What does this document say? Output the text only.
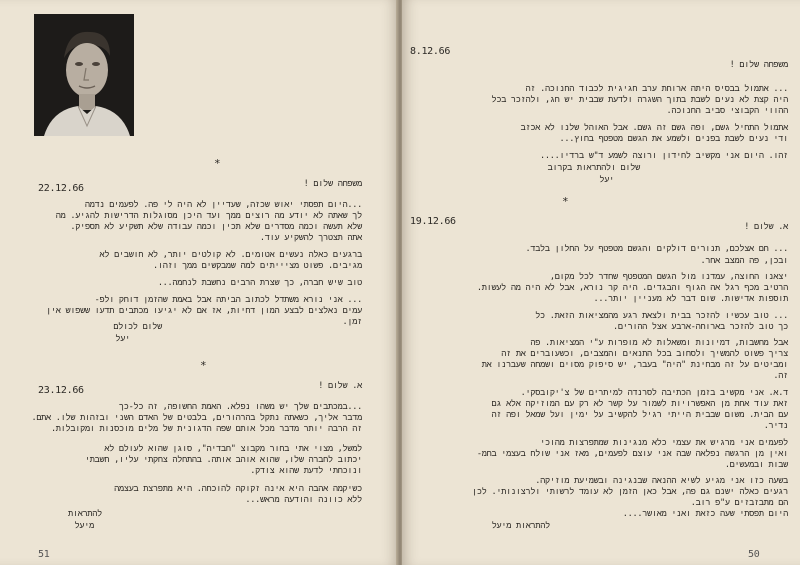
*
22.12.66	משפחה שלום !
...היום תפסתי יאוש שכזה, שעדיין לא היה לי פה. לפעמים נדמה
לך שאתה לא יודע מה רוצים ממך ועד היכן מסוגלות הדרישות להגיע. מה
שלא תעשה וכמה מסדרים שלא תכין וכמה עבודה שלא תשקיע לא תספיק.
אתה תצטרך להשקיע עוד.
ברגעים כאלה נעשים אטומים. לא קולטים יותר, לא חושבים לא
מגיבים. פשוט מציייתים למה שמבקשים ממך וזהו.
טוב שיש חברה, כך שצרת הרבים נחשבת לנחמה...
... אני נורא משתדל לכתוב הביתה אבל באמת שהזמן דוחק ולפ-
עמים נאלצים לבצע המון דחיות, אז אם לא יגיעו מכתבים תדעו ששפוש אין
זמן.
שלום לכולם
יעל
*
23.12.66	א. שלום !
...במכתבים שלך יש משהו נפלא. האמת החשופה, זה כל-כך
מדבר אליך, כשאתה נתקל בהרהורים, בלבטים של האדם השני ובזהות שלו. אתם.
זה הרבה יותר מדבר מכל אותם שפה הדגונית של מלים מוכסנות ומקובלות.
למשל, מצוי אתי בחור מקבוצ "חבדיה", סוגן שהוא לעולם לא
יכתוב לחברה שלו, שהוא אוהב אותה. בהתחלה צחקתי עליו, חשבתי
ונוכחתי לדעת שהוא צודק.
כשיקמה אהבה היא אינה זקוקה להוכחה. היא מתפרצת בעצמה
ללא כוונה והודעה מראש...
להתראות
מיעל
51
8.12.66
משפחה שלום !
... אתמול בבסיס היתה ארוחת ערב חגיגית לכבוד החנוכה. זה
היה קצת לא נעים לשבת בתוך השגרה ולדעת שבבית יש חג, ולהזכר בכל
ההווי הקבוצי סביב החנוכה.
אתמול התחיל גשם, ופה גשם זה גשם. אבל האוהל שלנו לא אכזב
ודי נעים לשבת בפנים ולשמע את הגשם מטפטף בחוץ...
זהו. היום אני מקשיב לחידון ורוצה לשמע ד"ש ברדיו....
שלום ולהתראות בקרוב
יעל
*
19.12.66	א. שלום !
... חם אצלכם, תנורים דולקים והגשם מטפטף על החלון בלבד.
ובכן, פה המצב אחר.
יצאנו החוצה, עמדנו מול הגשם המטפטף שחדר לכל מקום,
הרטיב מכף רגל אה הגוף והבגדים. היה קר נורא, אבל לא היה מה לעשות.
תוספות אדישות. שום דבר לא מעניין יותר...
... טוב עכשיו להזכר בבית ולצאת רגע מהמציאות הזאת. כל
כך טוב להזכר בארוחה-ארבע אצל ההורים.
אבל מחשבות, דמיונות ומשאלות לא מופרות ע"י המציאות. פה
צריך פשוט להמשיך ולסחוב בכל התנאים והמצבים, וכשעוברים את זה
ומביטים על זה מבחינת "היה" בעבר, יש סיפוק מסוים ושמחה שעברנו את
זה.
ד.א. אני מקשיב בזמן הכתיבה לסרנדה למיתרים של צ'יקובסקי.
זאת עוד אחת מן האפשרויות לשמור על קשר לא רק עם המוזיקה אלא גם
עם הבית. משום שבבית הייתי רגיל להקשיב על ימין ועל שמאל ופה זה
נדיר.
לפעמים אני מרגיש את עצמי כלא מנגינות שמתפרצות מהוכי
ואין מן הרגשה נפלאה שבה אני עוצם לפעמים, מאז אני שולח בעצמי בחמ-
שבות ובמעשים.
בשעה כזו אני מגיע לשיא ההנאה שבנגינה ובשמיעת מוזיקה.
רגעים כאלה ישנם גם פה, אבל כאן הזמן לא עומד לרשותי ולרצונותי. לכן
הם מתבזבזים ע"פ רוב.
היום תפסתי שעה כזאת ואני מאושר....
להתראות מיעל
50
